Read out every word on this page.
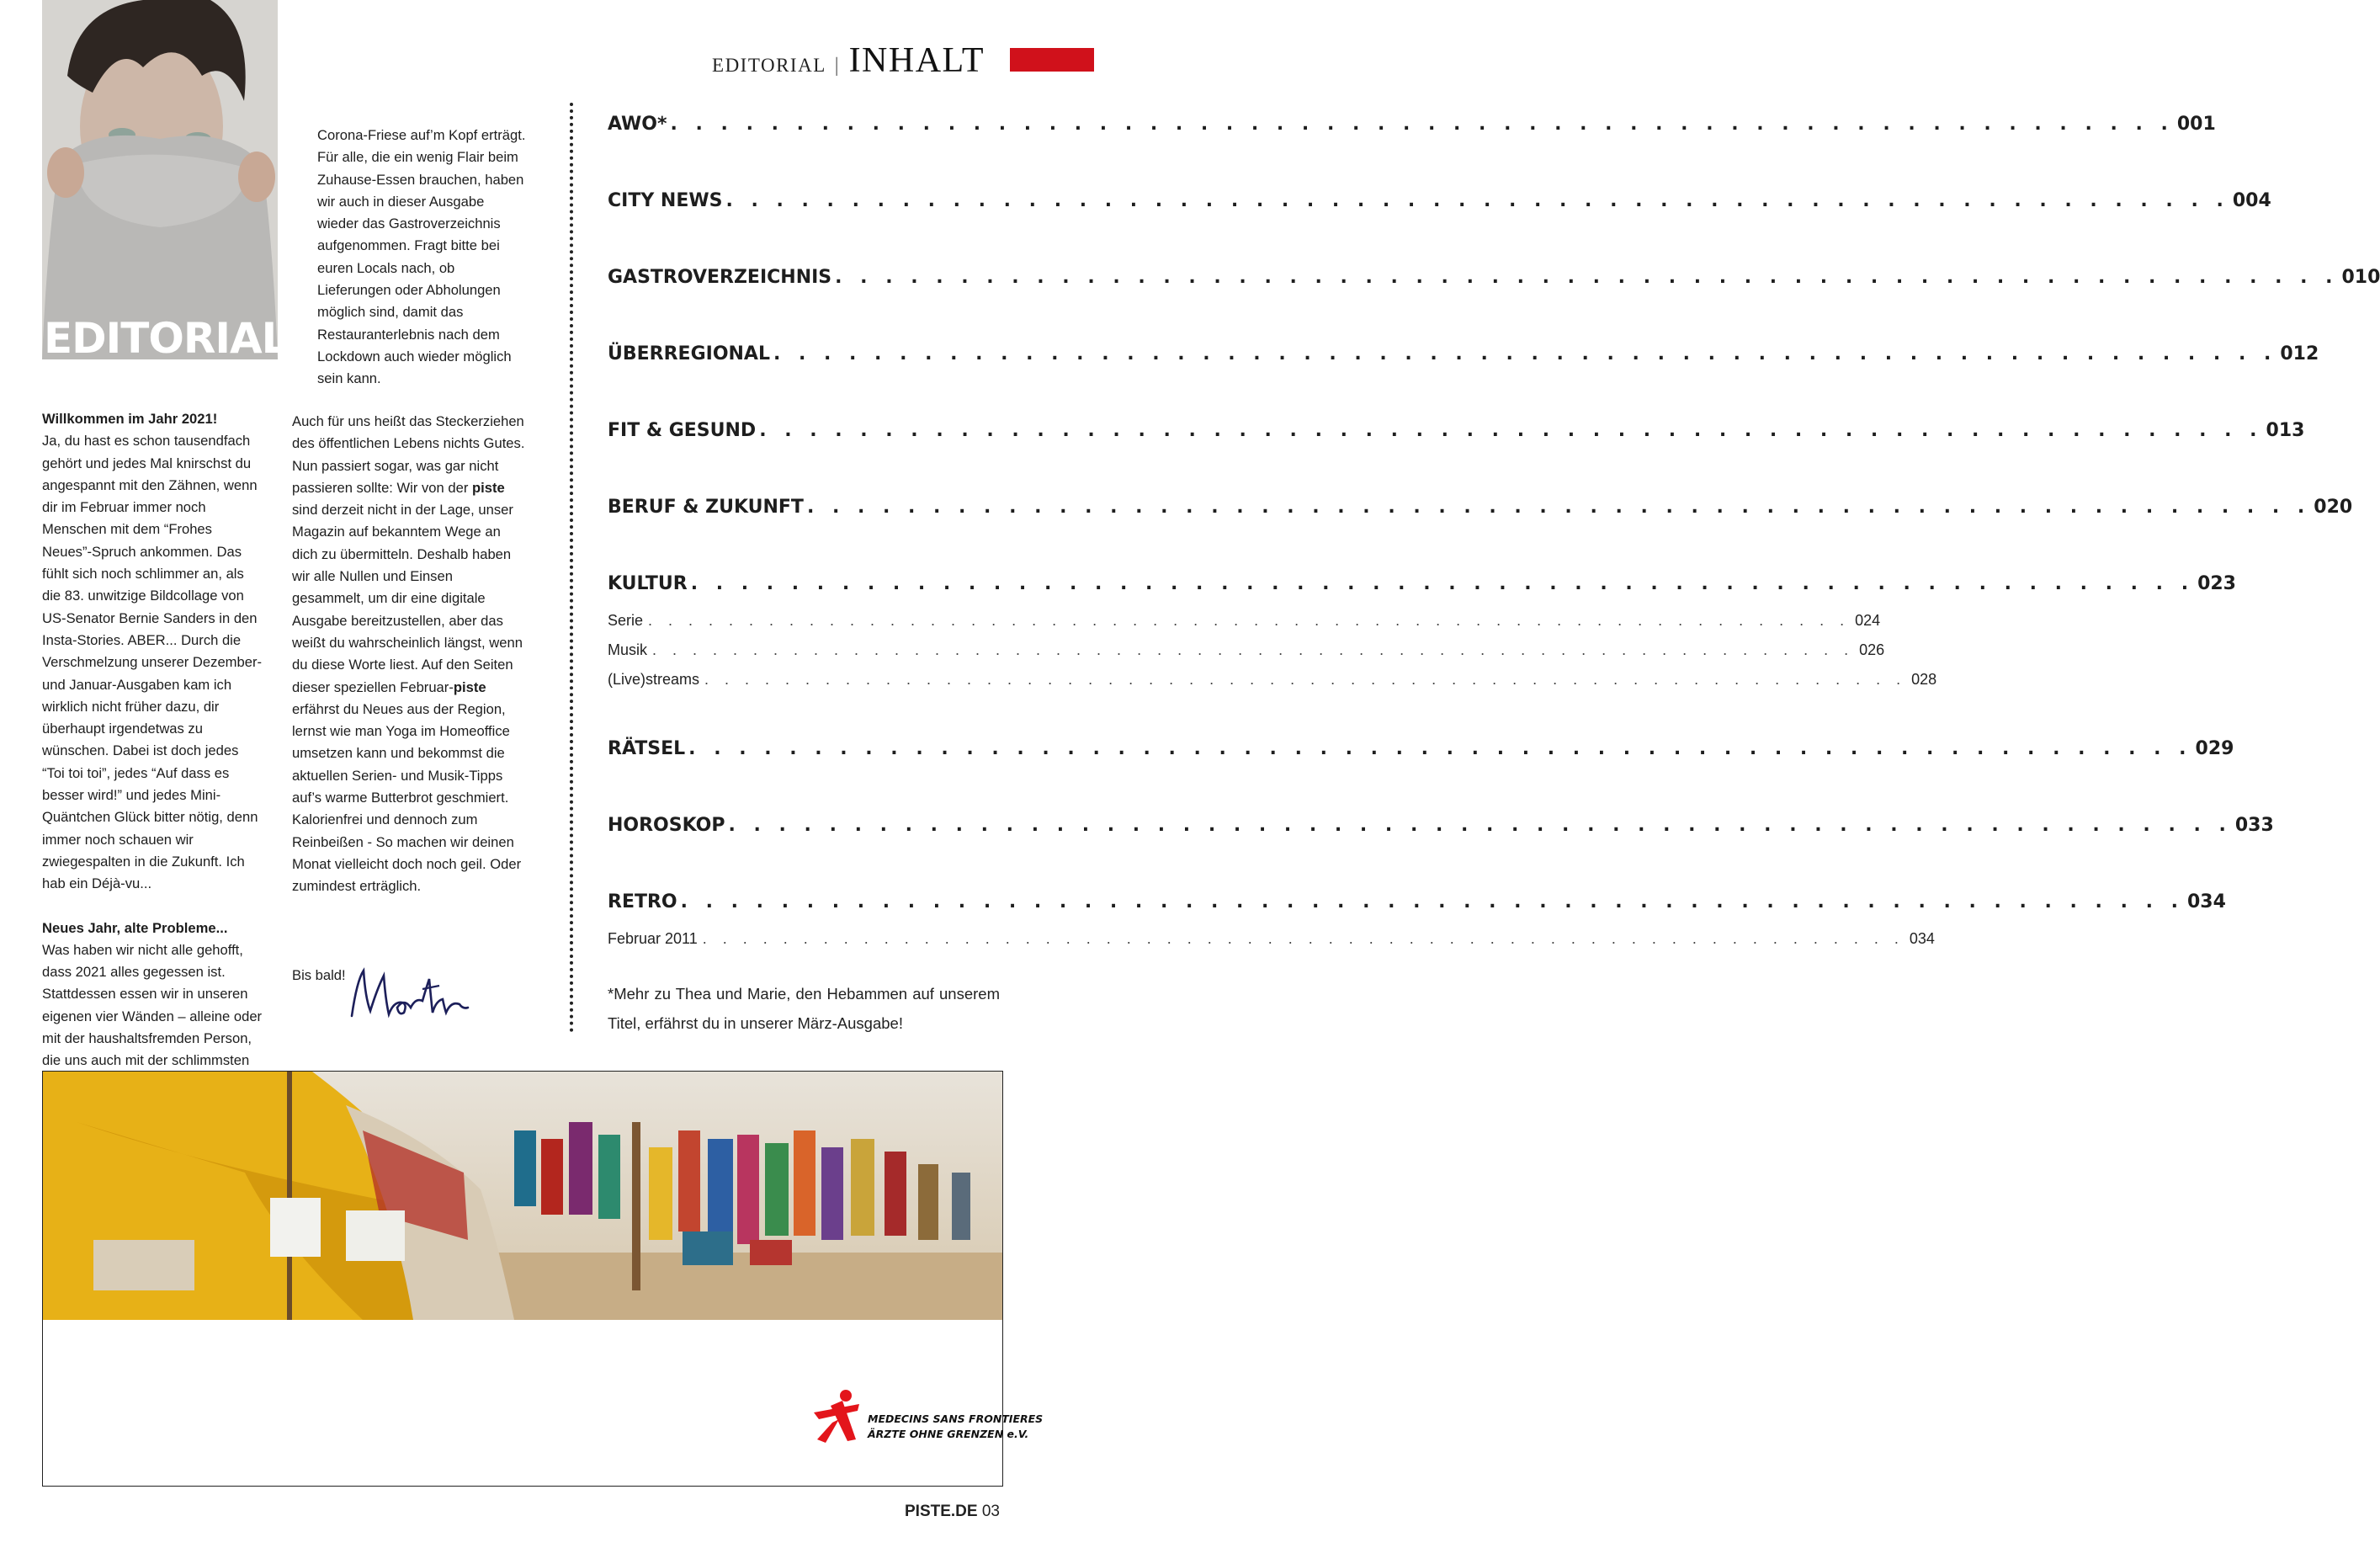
EDITORIAL | INHALT
EDITORIAL

Willkommen im Jahr 2021!

Ja, du hast es schon tausendfach gehört und jedes Mal knirschst du angespannt mit den Zähnen, wenn dir im Februar immer noch Menschen mit dem “Frohes Neues”-Spruch ankommen. Das fühlt sich noch schlimmer an, als die 83. unwitzige Bildcollage von US-Senator Bernie Sanders in den Insta-Stories. ABER... Durch die Verschmelzung unserer Dezember- und Januar-Ausgaben kam ich wirklich nicht früher dazu, dir überhaupt irgendetwas zu wünschen. Dabei ist doch jedes “Toi toi toi”, jedes “Auf dass es besser wird!” und jedes Mini-Quäntchen Glück bitter nötig, denn immer noch schauen wir zwiegespalten in die Zukunft. Ich hab ein Déjà-vu...

Neues Jahr, alte Probleme...

Was haben wir nicht alle gehofft, dass 2021 alles gegessen ist. Stattdessen essen wir in unseren eigenen vier Wänden – alleine oder mit der haushaltsfremden Person, die uns auch mit der schlimmsten

Corona-Friese auf’m Kopf erträgt. Für alle, die ein wenig Flair beim Zuhause-Essen brauchen, haben wir auch in dieser Ausgabe wieder das Gastroverzeichnis aufgenommen. Fragt bitte bei euren Locals nach, ob Lieferungen oder Abholungen möglich sind, damit das Restauranterlebnis nach dem Lockdown auch wieder möglich sein kann.
Auch für uns heißt das Steckerziehen des öffentlichen Lebens nichts Gutes. Nun passiert sogar, was gar nicht passieren sollte: Wir von der piste sind derzeit nicht in der Lage, unser Magazin auf bekanntem Wege an dich zu übermitteln. Deshalb haben wir alle Nullen und Einsen gesammelt, um dir eine digitale Ausgabe bereitzustellen, aber das weißt du wahrscheinlich längst, wenn du diese Worte liest. Auf den Seiten dieser speziellen Februar-piste erfährst du Neues aus der Region, lernst wie man Yoga im Homeoffice umsetzen kann und bekommst die aktuellen Serien- und Musik-Tipps auf’s warme Butterbrot geschmiert. Kalorienfrei und dennoch zum Reinbeißen - So machen wir deinen Monat vielleicht doch noch geil. Oder zumindest erträglich.
Bis bald!
AWO* . . . . . . . . . . . . . . . . . . . . . . . . . . . . . . . . . . . . . . . . . . . . . . . . . . . . . . . . . . . . 001
CITY NEWS . . . . . . . . . . . . . . . . . . . . . . . . . . . . . . . . . . . . . . . . . . . . . . . . . . . . . . . . . . . . 004
GASTROVERZEICHNIS . . . . . . . . . . . . . . . . . . . . . . . . . . . . . . . . . . . . . . . . . . . . . . . . . . . . . . . . . . . . 010
ÜBERREGIONAL . . . . . . . . . . . . . . . . . . . . . . . . . . . . . . . . . . . . . . . . . . . . . . . . . . . . . . . . . . . . 012
FIT & GESUND . . . . . . . . . . . . . . . . . . . . . . . . . . . . . . . . . . . . . . . . . . . . . . . . . . . . . . . . . . . . 013
BERUF & ZUKUNFT . . . . . . . . . . . . . . . . . . . . . . . . . . . . . . . . . . . . . . . . . . . . . . . . . . . . . . . . . . . . 020
KULTUR . . . . . . . . . . . . . . . . . . . . . . . . . . . . . . . . . . . . . . . . . . . . . . . . . . . . . . . . . . . . 023
Serie . . . . . . . . . . . . . . . . . . . . . . . . . . . . . . . . . . . . . . . . . . . . . . . . . . . . . . . . . . . . 024
Musik . . . . . . . . . . . . . . . . . . . . . . . . . . . . . . . . . . . . . . . . . . . . . . . . . . . . . . . . . . . . 026
(Live)streams . . . . . . . . . . . . . . . . . . . . . . . . . . . . . . . . . . . . . . . . . . . . . . . . . . . . . . . . . . . . 028
RÄTSEL . . . . . . . . . . . . . . . . . . . . . . . . . . . . . . . . . . . . . . . . . . . . . . . . . . . . . . . . . . . . 029
HOROSKOP . . . . . . . . . . . . . . . . . . . . . . . . . . . . . . . . . . . . . . . . . . . . . . . . . . . . . . . . . . . . 033
RETRO . . . . . . . . . . . . . . . . . . . . . . . . . . . . . . . . . . . . . . . . . . . . . . . . . . . . . . . . . . . . 034
Februar 2011 . . . . . . . . . . . . . . . . . . . . . . . . . . . . . . . . . . . . . . . . . . . . . . . . . . . . . . . . . . . . 034
*Mehr zu Thea und Marie, den Hebammen auf unserem Titel, erfährst du in unserer März-Ausgabe!
MEDECINS SANS FRONTIERES
ÄRZTE OHNE GRENZEN e.V.
PISTE.DE 03
